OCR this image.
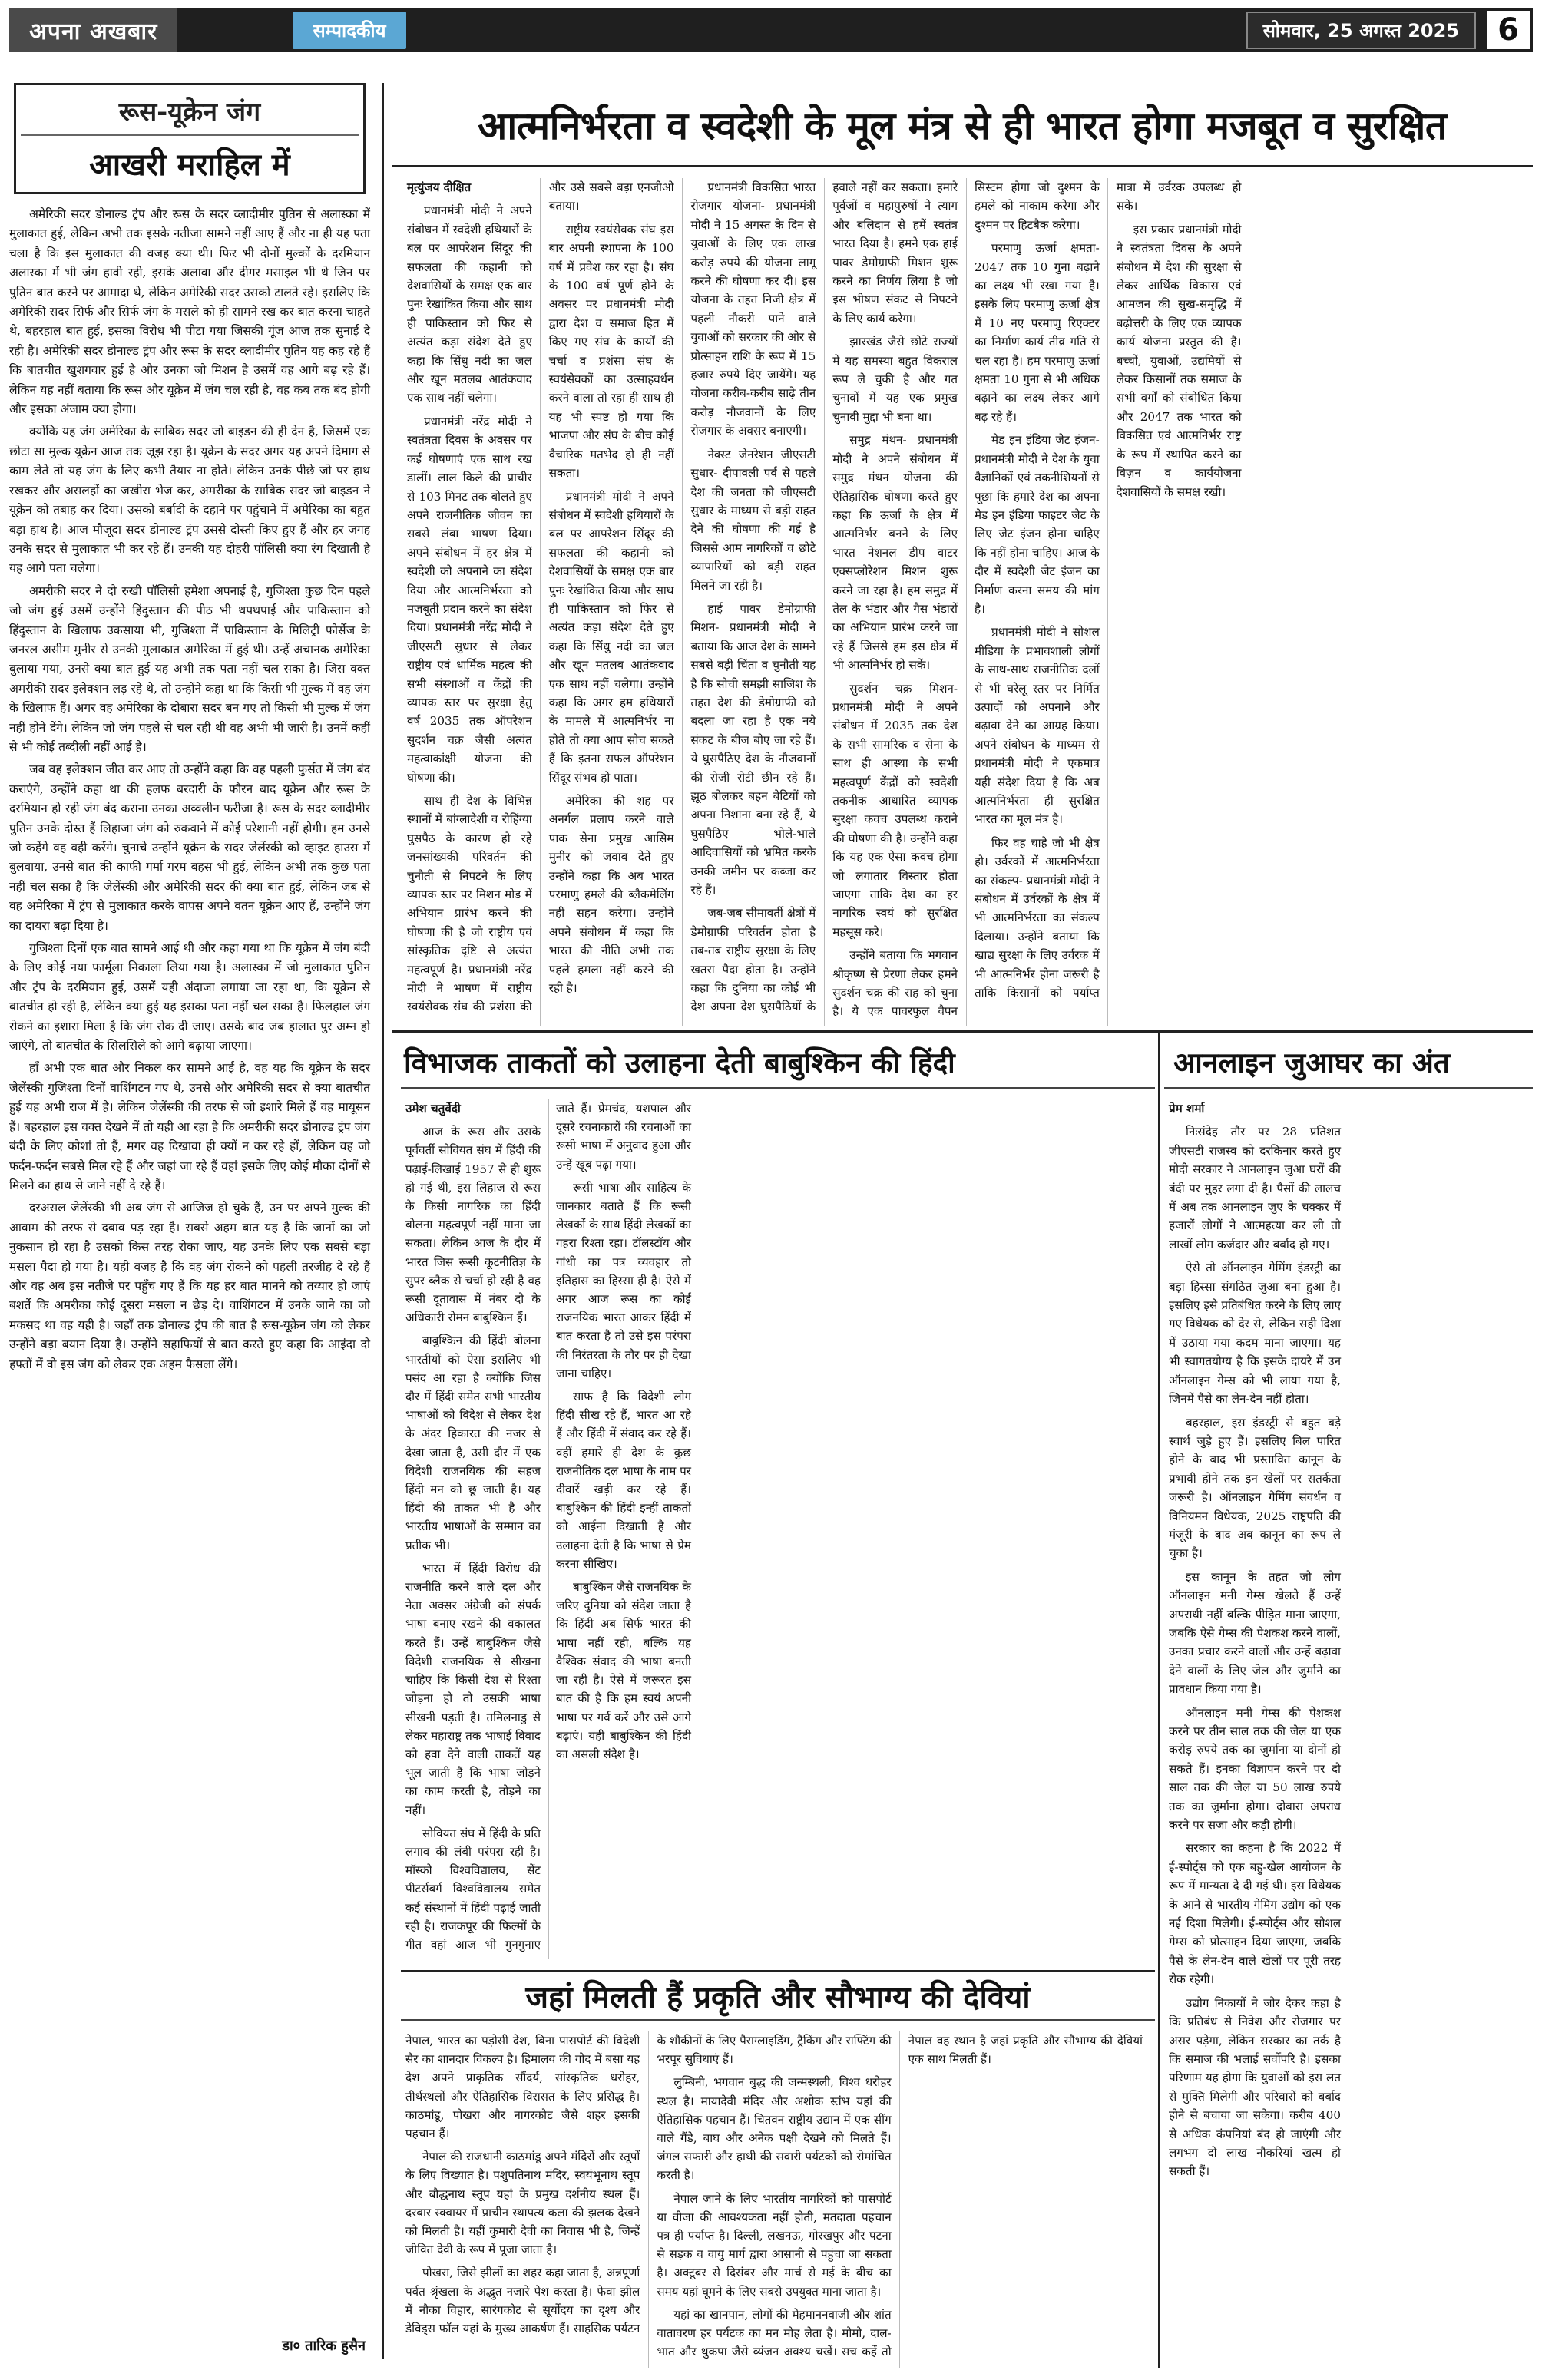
अपना अखबार	सम्पादकीय	सोमवार, 25 अगस्त 2025	6
रूस-यूक्रेन जंग
आखरी मराहिल में

अमेरिकी सदर डोनाल्ड ट्रंप और रूस के सदर व्लादीमीर पुतिन से अलास्का में मुलाकात हुई, लेकिन अभी तक इसके नतीजा सामने नहीं आए हैं और ना ही यह पता चला है कि इस मुलाकात की वजह क्या थी। फिर भी दोनों मुल्कों के दरमियान अलास्का में भी जंग हावी रही, इसके अलावा और दीगर मसाइल भी थे जिन पर पुतिन बात करने पर आमादा थे, लेकिन अमेरिकी सदर उसको टालते रहे। इसलिए कि अमेरिकी सदर सिर्फ और सिर्फ जंग के मसले को ही सामने रख कर बात करना चाहते थे, बहरहाल बात हुई, इसका विरोध भी पीटा गया जिसकी गूंज आज तक सुनाई दे रही है। अमेरिकी सदर डोनाल्ड ट्रंप और रूस के सदर व्लादीमीर पुतिन यह कह रहे हैं कि बातचीत खुशगवार हुई है और उनका जो मिशन है उसमें वह आगे बढ़ रहे हैं। लेकिन यह नहीं बताया कि रूस और यूक्रेन में जंग चल रही है, वह कब तक बंद होगी और इसका अंजाम क्या होगा।

क्योंकि यह जंग अमेरिका के साबिक सदर जो बाइडन की ही देन है, जिसमें एक छोटा सा मुल्क यूक्रेन आज तक जूझ रहा है। यूक्रेन के सदर अगर यह अपने दिमाग से काम लेते तो यह जंग के लिए कभी तैयार ना होते। लेकिन उनके पीछे जो पर हाथ रखकर और असलहों का जखीरा भेज कर, अमरीका के साबिक सदर जो बाइडन ने यूक्रेन को तबाह कर दिया। उसको बर्बादी के दहाने पर पहुंचाने में अमेरिका का बहुत बड़ा हाथ है। आज मौजूदा सदर डोनाल्ड ट्रंप उससे दोस्ती किए हुए हैं और हर जगह उनके सदर से मुलाकात भी कर रहे हैं। उनकी यह दोहरी पॉलिसी क्या रंग दिखाती है यह आगे पता चलेगा।

अमरीकी सदर ने दो रुखी पॉलिसी हमेशा अपनाई है, गुजिश्ता कुछ दिन पहले जो जंग हुई उसमें उन्होंने हिंदुस्तान की पीठ भी थपथपाई और पाकिस्तान को हिंदुस्तान के खिलाफ उकसाया भी, गुजिश्ता में पाकिस्तान के मिलिट्री फोर्सेज के जनरल असीम मुनीर से उनकी मुलाकात अमेरिका में हुई थी। उन्हें अचानक अमेरिका बुलाया गया, उनसे क्या बात हुई यह अभी तक पता नहीं चल सका है। जिस वक्त अमरीकी सदर इलेक्शन लड़ रहे थे, तो उन्होंने कहा था कि किसी भी मुल्क में वह जंग के खिलाफ हैं। अगर वह अमेरिका के दोबारा सदर बन गए तो किसी भी मुल्क में जंग नहीं होने देंगे। लेकिन जो जंग पहले से चल रही थी वह अभी भी जारी है। उनमें कहीं से भी कोई तब्दीली नहीं आई है।

जब वह इलेक्शन जीत कर आए तो उन्होंने कहा कि वह पहली फुर्सत में जंग बंद कराएंगे, उन्होंने कहा था की हलफ बरदारी के फौरन बाद यूक्रेन और रूस के दरमियान हो रही जंग बंद कराना उनका अव्वलीन फरीजा है। रूस के सदर व्लादीमीर पुतिन उनके दोस्त हैं लिहाजा जंग को रुकवाने में कोई परेशानी नहीं होगी। हम उनसे जो कहेंगे वह वही करेंगे। चुनाचे उन्होंने यूक्रेन के सदर जेलेंस्की को व्हाइट हाउस में बुलवाया, उनसे बात की काफी गर्मा गरम बहस भी हुई, लेकिन अभी तक कुछ पता नहीं चल सका है कि जेलेंस्की और अमेरिकी सदर की क्या बात हुई, लेकिन जब से वह अमेरिका में ट्रंप से मुलाकात करके वापस अपने वतन यूक्रेन आए हैं, उन्होंने जंग का दायरा बढ़ा दिया है।

गुजिश्ता दिनों एक बात सामने आई थी और कहा गया था कि यूक्रेन में जंग बंदी के लिए कोई नया फार्मूला निकाला लिया गया है। अलास्का में जो मुलाकात पुतिन और ट्रंप के दरमियान हुई, उसमें यही अंदाजा लगाया जा रहा था, कि यूक्रेन से बातचीत हो रही है, लेकिन क्या हुई यह इसका पता नहीं चल सका है। फिलहाल जंग रोकने का इशारा मिला है कि जंग रोक दी जाए। उसके बाद जब हालात पुर अम्न हो जाएंगे, तो बातचीत के सिलसिले को आगे बढ़ाया जाएगा।

हाँ अभी एक बात और निकल कर सामने आई है, वह यह कि यूक्रेन के सदर जेलेंस्की गुजिश्ता दिनों वाशिंगटन गए थे, उनसे और अमेरिकी सदर से क्या बातचीत हुई यह अभी राज में है। लेकिन जेलेंस्की की तरफ से जो इशारे मिले हैं वह मायूसन हैं। बहरहाल इस वक्त देखने में तो यही आ रहा है कि अमरीकी सदर डोनाल्ड ट्रंप जंग बंदी के लिए कोशां तो हैं, मगर वह दिखावा ही क्यों न कर रहे हों, लेकिन वह जो फर्दन-फर्दन सबसे मिल रहे हैं और जहां जा रहे हैं वहां इसके लिए कोई मौका दोनों से मिलने का हाथ से जाने नहीं दे रहे हैं।

दरअसल जेलेंस्की भी अब जंग से आजिज हो चुके हैं, उन पर अपने मुल्क की आवाम की तरफ से दबाव पड़ रहा है। सबसे अहम बात यह है कि जानों का जो नुकसान हो रहा है उसको किस तरह रोका जाए, यह उनके लिए एक सबसे बड़ा मसला पैदा हो गया है। यही वजह है कि वह जंग रोकने को पहली तरजीह दे रहे हैं और वह अब इस नतीजे पर पहुँच गए हैं कि यह हर बात मानने को तय्यार हो जाएं बशर्ते कि अमरीका कोई दूसरा मसला न छेड़ दे। वाशिंगटन में उनके जाने का जो मकसद था वह यही है। जहाँ तक डोनाल्ड ट्रंप की बात है रूस-यूक्रेन जंग को लेकर उन्होंने बड़ा बयान दिया है। उन्होंने सहाफियों से बात करते हुए कहा कि आइंदा दो हफ्तों में वो इस जंग को लेकर एक अहम फैसला लेंगे।

डा० तारिक हुसैन
आत्मनिर्भरता व स्वदेशी के मूल मंत्र से ही भारत होगा मजबूत व सुरक्षित

मृत्युंजय दीक्षित

प्रधानमंत्री मोदी ने अपने संबोधन में स्वदेशी हथियारों के बल पर आपरेशन सिंदूर की सफलता की कहानी को देशवासियों के समक्ष एक बार पुनः रेखांकित किया और साथ ही पाकिस्तान को फिर से अत्यंत कड़ा संदेश देते हुए कहा कि सिंधु नदी का जल और खून मतलब आतंकवाद एक साथ नहीं चलेगा।

प्रधानमंत्री नरेंद्र मोदी ने स्वतंत्रता दिवस के अवसर पर कई घोषणाएं एक साथ रख डालीं। लाल किले की प्राचीर से 103 मिनट तक बोलते हुए अपने राजनीतिक जीवन का सबसे लंबा भाषण दिया। अपने संबोधन में हर क्षेत्र में स्वदेशी को अपनाने का संदेश दिया और आत्मनिर्भरता को मजबूती प्रदान करने का संदेश दिया। प्रधानमंत्री नरेंद्र मोदी ने जीएसटी सुधार से लेकर राष्ट्रीय एवं धार्मिक महत्व की सभी संस्थाओं व केंद्रों की व्यापक स्तर पर सुरक्षा हेतु वर्ष 2035 तक ऑपरेशन सुदर्शन चक्र जैसी अत्यंत महत्वाकांक्षी योजना की घोषणा की।

साथ ही देश के विभिन्न स्थानों में बांग्लादेशी व रोहिंग्या घुसपैठ के कारण हो रहे जनसांख्यकी परिवर्तन की चुनौती से निपटने के लिए व्यापक स्तर पर मिशन मोड में अभियान प्रारंभ करने की घोषणा की है जो राष्ट्रीय एवं सांस्कृतिक दृष्टि से अत्यंत महत्वपूर्ण है। प्रधानमंत्री नरेंद्र मोदी ने भाषण में राष्ट्रीय स्वयंसेवक संघ की प्रशंसा की और उसे सबसे बड़ा एनजीओ बताया।

राष्ट्रीय स्वयंसेवक संघ इस बार अपनी स्थापना के 100 वर्ष में प्रवेश कर रहा है। संघ के 100 वर्ष पूर्ण होने के अवसर पर प्रधानमंत्री मोदी द्वारा देश व समाज हित में किए गए संघ के कार्यों की चर्चा व प्रशंसा संघ के स्वयंसेवकों का उत्साहवर्धन करने वाला तो रहा ही साथ ही यह भी स्पष्ट हो गया कि भाजपा और संघ के बीच कोई वैचारिक मतभेद हो ही नहीं सकता।

प्रधानमंत्री मोदी ने अपने संबोधन में स्वदेशी हथियारों के बल पर आपरेशन सिंदूर की सफलता की कहानी को देशवासियों के समक्ष एक बार पुनः रेखांकित किया और साथ ही पाकिस्तान को फिर से अत्यंत कड़ा संदेश देते हुए कहा कि सिंधु नदी का जल और खून मतलब आतंकवाद एक साथ नहीं चलेगा। उन्होंने कहा कि अगर हम हथियारों के मामले में आत्मनिर्भर ना होते तो क्या आप सोच सकते हैं कि इतना सफल ऑपरेशन सिंदूर संभव हो पाता।

अमेरिका की शह पर अनर्गल प्रलाप करने वाले पाक सेना प्रमुख आसिम मुनीर को जवाब देते हुए उन्होंने कहा कि अब भारत परमाणु हमले की ब्लैकमेलिंग नहीं सहन करेगा। उन्होंने अपने संबोधन में कहा कि भारत की नीति अभी तक पहले हमला नहीं करने की रही है।

प्रधानमंत्री विकसित भारत रोजगार योजना- प्रधानमंत्री मोदी ने 15 अगस्त के दिन से युवाओं के लिए एक लाख करोड़ रुपये की योजना लागू करने की घोषणा कर दी। इस योजना के तहत निजी क्षेत्र में पहली नौकरी पाने वाले युवाओं को सरकार की ओर से प्रोत्साहन राशि के रूप में 15 हजार रुपये दिए जायेंगे। यह योजना करीब-करीब साढ़े तीन करोड़ नौजवानों के लिए रोजगार के अवसर बनाएगी।

नेक्स्ट जेनरेशन जीएसटी सुधार- दीपावली पर्व से पहले देश की जनता को जीएसटी सुधार के माध्यम से बड़ी राहत देने की घोषणा की गई है जिससे आम नागरिकों व छोटे व्यापारियों को बड़ी राहत मिलने जा रही है।

हाई पावर डेमोग्राफी मिशन- प्रधानमंत्री मोदी ने बताया कि आज देश के सामने सबसे बड़ी चिंता व चुनौती यह है कि सोची समझी साजिश के तहत देश की डेमोग्राफी को बदला जा रहा है एक नये संकट के बीज बोए जा रहे हैं। ये घुसपैठिए देश के नौजवानों की रोजी रोटी छीन रहे हैं। झूठ बोलकर बहन बेटियों को अपना निशाना बना रहे हैं, ये घुसपैठिए भोले-भाले आदिवासियों को भ्रमित करके उनकी जमीन पर कब्जा कर रहे हैं।

जब-जब सीमावर्ती क्षेत्रों में डेमोग्राफी परिवर्तन होता है तब-तब राष्ट्रीय सुरक्षा के लिए खतरा पैदा होता है। उन्होंने कहा कि दुनिया का कोई भी देश अपना देश घुसपैठियों के हवाले नहीं कर सकता। हमारे पूर्वजों व महापुरुषों ने त्याग और बलिदान से हमें स्वतंत्र भारत दिया है। हमने एक हाई पावर डेमोग्राफी मिशन शुरू करने का निर्णय लिया है जो इस भीषण संकट से निपटने के लिए कार्य करेगा।

झारखंड जैसे छोटे राज्यों में यह समस्या बहुत विकराल रूप ले चुकी है और गत चुनावों में यह एक प्रमुख चुनावी मुद्दा भी बना था।

समुद्र मंथन- प्रधानमंत्री मोदी ने अपने संबोधन में समुद्र मंथन योजना की ऐतिहासिक घोषणा करते हुए कहा कि ऊर्जा के क्षेत्र में आत्मनिर्भर बनने के लिए भारत नेशनल डीप वाटर एक्सप्लोरेशन मिशन शुरू करने जा रहा है। हम समुद्र में तेल के भंडार और गैस भंडारों का अभियान प्रारंभ करने जा रहे हैं जिससे हम इस क्षेत्र में भी आत्मनिर्भर हो सकें।

सुदर्शन चक्र मिशन- प्रधानमंत्री मोदी ने अपने संबोधन में 2035 तक देश के सभी सामरिक व सेना के साथ ही आस्था के सभी महत्वपूर्ण केंद्रों को स्वदेशी तकनीक आधारित व्यापक सुरक्षा कवच उपलब्ध कराने की घोषणा की है। उन्होंने कहा कि यह एक ऐसा कवच होगा जो लगातार विस्तार होता जाएगा ताकि देश का हर नागरिक स्वयं को सुरक्षित महसूस करे।

उन्होंने बताया कि भगवान श्रीकृष्ण से प्रेरणा लेकर हमने सुदर्शन चक्र की राह को चुना है। ये एक पावरफुल वैपन सिस्टम होगा जो दुश्मन के हमले को नाकाम करेगा और दुश्मन पर हिटबैक करेगा।

परमाणु ऊर्जा क्षमता- 2047 तक 10 गुना बढ़ाने का लक्ष्य भी रखा गया है। इसके लिए परमाणु ऊर्जा क्षेत्र में 10 नए परमाणु रिएक्टर का निर्माण कार्य तीव्र गति से चल रहा है। हम परमाणु ऊर्जा क्षमता 10 गुना से भी अधिक बढ़ाने का लक्ष्य लेकर आगे बढ़ रहे हैं।

मेड इन इंडिया जेट इंजन- प्रधानमंत्री मोदी ने देश के युवा वैज्ञानिकों एवं तकनीशियनों से पूछा कि हमारे देश का अपना मेड इन इंडिया फाइटर जेट के लिए जेट इंजन होना चाहिए कि नहीं होना चाहिए। आज के दौर में स्वदेशी जेट इंजन का निर्माण करना समय की मांग है।

प्रधानमंत्री मोदी ने सोशल मीडिया के प्रभावशाली लोगों के साथ-साथ राजनीतिक दलों से भी घरेलू स्तर पर निर्मित उत्पादों को अपनाने और बढ़ावा देने का आग्रह किया। अपने संबोधन के माध्यम से प्रधानमंत्री मोदी ने एकमात्र यही संदेश दिया है कि अब आत्मनिर्भरता ही सुरक्षित भारत का मूल मंत्र है।

फिर वह चाहे जो भी क्षेत्र हो। उर्वरकों में आत्मनिर्भरता का संकल्प- प्रधानमंत्री मोदी ने संबोधन में उर्वरकों के क्षेत्र में भी आत्मनिर्भरता का संकल्प दिलाया। उन्होंने बताया कि खाद्य सुरक्षा के लिए उर्वरक में भी आत्मनिर्भर होना जरूरी है ताकि किसानों को पर्याप्त मात्रा में उर्वरक उपलब्ध हो सकें।

इस प्रकार प्रधानमंत्री मोदी ने स्वतंत्रता दिवस के अपने संबोधन में देश की सुरक्षा से लेकर आर्थिक विकास एवं आमजन की सुख-समृद्धि में बढ़ोत्तरी के लिए एक व्यापक कार्य योजना प्रस्तुत की है। बच्चों, युवाओं, उद्यमियों से लेकर किसानों तक समाज के सभी वर्गों को संबोधित किया और 2047 तक भारत को विकसित एवं आत्मनिर्भर राष्ट्र के रूप में स्थापित करने का विज़न व कार्ययोजना देशवासियों के समक्ष रखी।

विभाजक ताकतों को उलाहना देती बाबुश्किन की हिंदी

उमेश चतुर्वेदी

आज के रूस और उसके पूर्ववर्ती सोवियत संघ में हिंदी की पढ़ाई-लिखाई 1957 से ही शुरू हो गई थी, इस लिहाज से रूस के किसी नागरिक का हिंदी बोलना महत्वपूर्ण नहीं माना जा सकता। लेकिन आज के दौर में भारत जिस रूसी कूटनीतिज्ञ के सुपर ब्लैक से चर्चा हो रही है वह रूसी दूतावास में नंबर दो के अधिकारी रोमन बाबुश्किन हैं।

बाबुश्किन की हिंदी बोलना भारतीयों को ऐसा इसलिए भी पसंद आ रहा है क्योंकि जिस दौर में हिंदी समेत सभी भारतीय भाषाओं को विदेश से लेकर देश के अंदर हिकारत की नजर से देखा जाता है, उसी दौर में एक विदेशी राजनयिक की सहज हिंदी मन को छू जाती है। यह हिंदी की ताकत भी है और भारतीय भाषाओं के सम्मान का प्रतीक भी।

भारत में हिंदी विरोध की राजनीति करने वाले दल और नेता अक्सर अंग्रेजी को संपर्क भाषा बनाए रखने की वकालत करते हैं। उन्हें बाबुश्किन जैसे विदेशी राजनयिक से सीखना चाहिए कि किसी देश से रिश्ता जोड़ना हो तो उसकी भाषा सीखनी पड़ती है। तमिलनाडु से लेकर महाराष्ट्र तक भाषाई विवाद को हवा देने वाली ताकतें यह भूल जाती हैं कि भाषा जोड़ने का काम करती है, तोड़ने का नहीं।

सोवियत संघ में हिंदी के प्रति लगाव की लंबी परंपरा रही है। मॉस्को विश्वविद्यालय, सेंट पीटर्सबर्ग विश्वविद्यालय समेत कई संस्थानों में हिंदी पढ़ाई जाती रही है। राजकपूर की फिल्मों के गीत वहां आज भी गुनगुनाए जाते हैं। प्रेमचंद, यशपाल और दूसरे रचनाकारों की रचनाओं का रूसी भाषा में अनुवाद हुआ और उन्हें खूब पढ़ा गया।

रूसी भाषा और साहित्य के जानकार बताते हैं कि रूसी लेखकों के साथ हिंदी लेखकों का गहरा रिश्ता रहा। टॉलस्टॉय और गांधी का पत्र व्यवहार तो इतिहास का हिस्सा ही है। ऐसे में अगर आज रूस का कोई राजनयिक भारत आकर हिंदी में बात करता है तो उसे इस परंपरा की निरंतरता के तौर पर ही देखा जाना चाहिए।

साफ है कि विदेशी लोग हिंदी सीख रहे हैं, भारत आ रहे हैं और हिंदी में संवाद कर रहे हैं। वहीं हमारे ही देश के कुछ राजनीतिक दल भाषा के नाम पर दीवारें खड़ी कर रहे हैं। बाबुश्किन की हिंदी इन्हीं ताकतों को आईना दिखाती है और उलाहना देती है कि भाषा से प्रेम करना सीखिए।

बाबुश्किन जैसे राजनयिक के जरिए दुनिया को संदेश जाता है कि हिंदी अब सिर्फ भारत की भाषा नहीं रही, बल्कि यह वैश्विक संवाद की भाषा बनती जा रही है। ऐसे में जरूरत इस बात की है कि हम स्वयं अपनी भाषा पर गर्व करें और उसे आगे बढ़ाएं। यही बाबुश्किन की हिंदी का असली संदेश है।

आनलाइन जुआघर का अंत

प्रेम शर्मा

निःसंदेह तौर पर 28 प्रतिशत जीएसटी राजस्व को दरकिनार करते हुए मोदी सरकार ने आनलाइन जुआ घरों की बंदी पर मुहर लगा दी है। पैसों की लालच में अब तक आनलाइन जुए के चक्कर में हजारों लोगों ने आत्महत्या कर ली तो लाखों लोग कर्जदार और बर्बाद हो गए।

ऐसे तो ऑनलाइन गेमिंग इंडस्ट्री का बड़ा हिस्सा संगठित जुआ बना हुआ है। इसलिए इसे प्रतिबंधित करने के लिए लाए गए विधेयक को देर से, लेकिन सही दिशा में उठाया गया कदम माना जाएगा। यह भी स्वागतयोग्य है कि इसके दायरे में उन ऑनलाइन गेम्स को भी लाया गया है, जिनमें पैसे का लेन-देन नहीं होता।

बहरहाल, इस इंडस्ट्री से बहुत बड़े स्वार्थ जुड़े हुए हैं। इसलिए बिल पारित होने के बाद भी प्रस्तावित कानून के प्रभावी होने तक इन खेलों पर सतर्कता जरूरी है। ऑनलाइन गेमिंग संवर्धन व विनियमन विधेयक, 2025 राष्ट्रपति की मंजूरी के बाद अब कानून का रूप ले चुका है।

इस कानून के तहत जो लोग ऑनलाइन मनी गेम्स खेलते हैं उन्हें अपराधी नहीं बल्कि पीड़ित माना जाएगा, जबकि ऐसे गेम्स की पेशकश करने वालों, उनका प्रचार करने वालों और उन्हें बढ़ावा देने वालों के लिए जेल और जुर्माने का प्रावधान किया गया है।

ऑनलाइन मनी गेम्स की पेशकश करने पर तीन साल तक की जेल या एक करोड़ रुपये तक का जुर्माना या दोनों हो सकते हैं। इनका विज्ञापन करने पर दो साल तक की जेल या 50 लाख रुपये तक का जुर्माना होगा। दोबारा अपराध करने पर सजा और कड़ी होगी।

सरकार का कहना है कि 2022 में ई-स्पोर्ट्स को एक बहु-खेल आयोजन के रूप में मान्यता दे दी गई थी। इस विधेयक के आने से भारतीय गेमिंग उद्योग को एक नई दिशा मिलेगी। ई-स्पोर्ट्स और सोशल गेम्स को प्रोत्साहन दिया जाएगा, जबकि पैसे के लेन-देन वाले खेलों पर पूरी तरह रोक रहेगी।

उद्योग निकायों ने जोर देकर कहा है कि प्रतिबंध से निवेश और रोजगार पर असर पड़ेगा, लेकिन सरकार का तर्क है कि समाज की भलाई सर्वोपरि है। इसका परिणाम यह होगा कि युवाओं को इस लत से मुक्ति मिलेगी और परिवारों को बर्बाद होने से बचाया जा सकेगा। करीब 400 से अधिक कंपनियां बंद हो जाएंगी और लगभग दो लाख नौकरियां खत्म हो सकती हैं।

जहां मिलती हैं प्रकृति और सौभाग्य की देवियां

नेपाल, भारत का पड़ोसी देश, बिना पासपोर्ट की विदेशी सैर का शानदार विकल्प है। हिमालय की गोद में बसा यह देश अपने प्राकृतिक सौंदर्य, सांस्कृतिक धरोहर, तीर्थस्थलों और ऐतिहासिक विरासत के लिए प्रसिद्ध है। काठमांडू, पोखरा और नागरकोट जैसे शहर इसकी पहचान हैं।

नेपाल की राजधानी काठमांडू अपने मंदिरों और स्तूपों के लिए विख्यात है। पशुपतिनाथ मंदिर, स्वयंभूनाथ स्तूप और बौद्धनाथ स्तूप यहां के प्रमुख दर्शनीय स्थल हैं। दरबार स्क्वायर में प्राचीन स्थापत्य कला की झलक देखने को मिलती है। यहीं कुमारी देवी का निवास भी है, जिन्हें जीवित देवी के रूप में पूजा जाता है।

पोखरा, जिसे झीलों का शहर कहा जाता है, अन्नपूर्णा पर्वत श्रृंखला के अद्भुत नजारे पेश करता है। फेवा झील में नौका विहार, सारंगकोट से सूर्योदय का दृश्य और डेविड्स फॉल यहां के मुख्य आकर्षण हैं। साहसिक पर्यटन के शौकीनों के लिए पैराग्लाइडिंग, ट्रैकिंग और राफ्टिंग की भरपूर सुविधाएं हैं।

लुम्बिनी, भगवान बुद्ध की जन्मस्थली, विश्व धरोहर स्थल है। मायादेवी मंदिर और अशोक स्तंभ यहां की ऐतिहासिक पहचान हैं। चितवन राष्ट्रीय उद्यान में एक सींग वाले गैंडे, बाघ और अनेक पक्षी देखने को मिलते हैं। जंगल सफारी और हाथी की सवारी पर्यटकों को रोमांचित करती है।

नेपाल जाने के लिए भारतीय नागरिकों को पासपोर्ट या वीजा की आवश्यकता नहीं होती, मतदाता पहचान पत्र ही पर्याप्त है। दिल्ली, लखनऊ, गोरखपुर और पटना से सड़क व वायु मार्ग द्वारा आसानी से पहुंचा जा सकता है। अक्टूबर से दिसंबर और मार्च से मई के बीच का समय यहां घूमने के लिए सबसे उपयुक्त माना जाता है।

यहां का खानपान, लोगों की मेहमाननवाजी और शांत वातावरण हर पर्यटक का मन मोह लेता है। मोमो, दाल-भात और थुकपा जैसे व्यंजन अवश्य चखें। सच कहें तो नेपाल वह स्थान है जहां प्रकृति और सौभाग्य की देवियां एक साथ मिलती हैं।
